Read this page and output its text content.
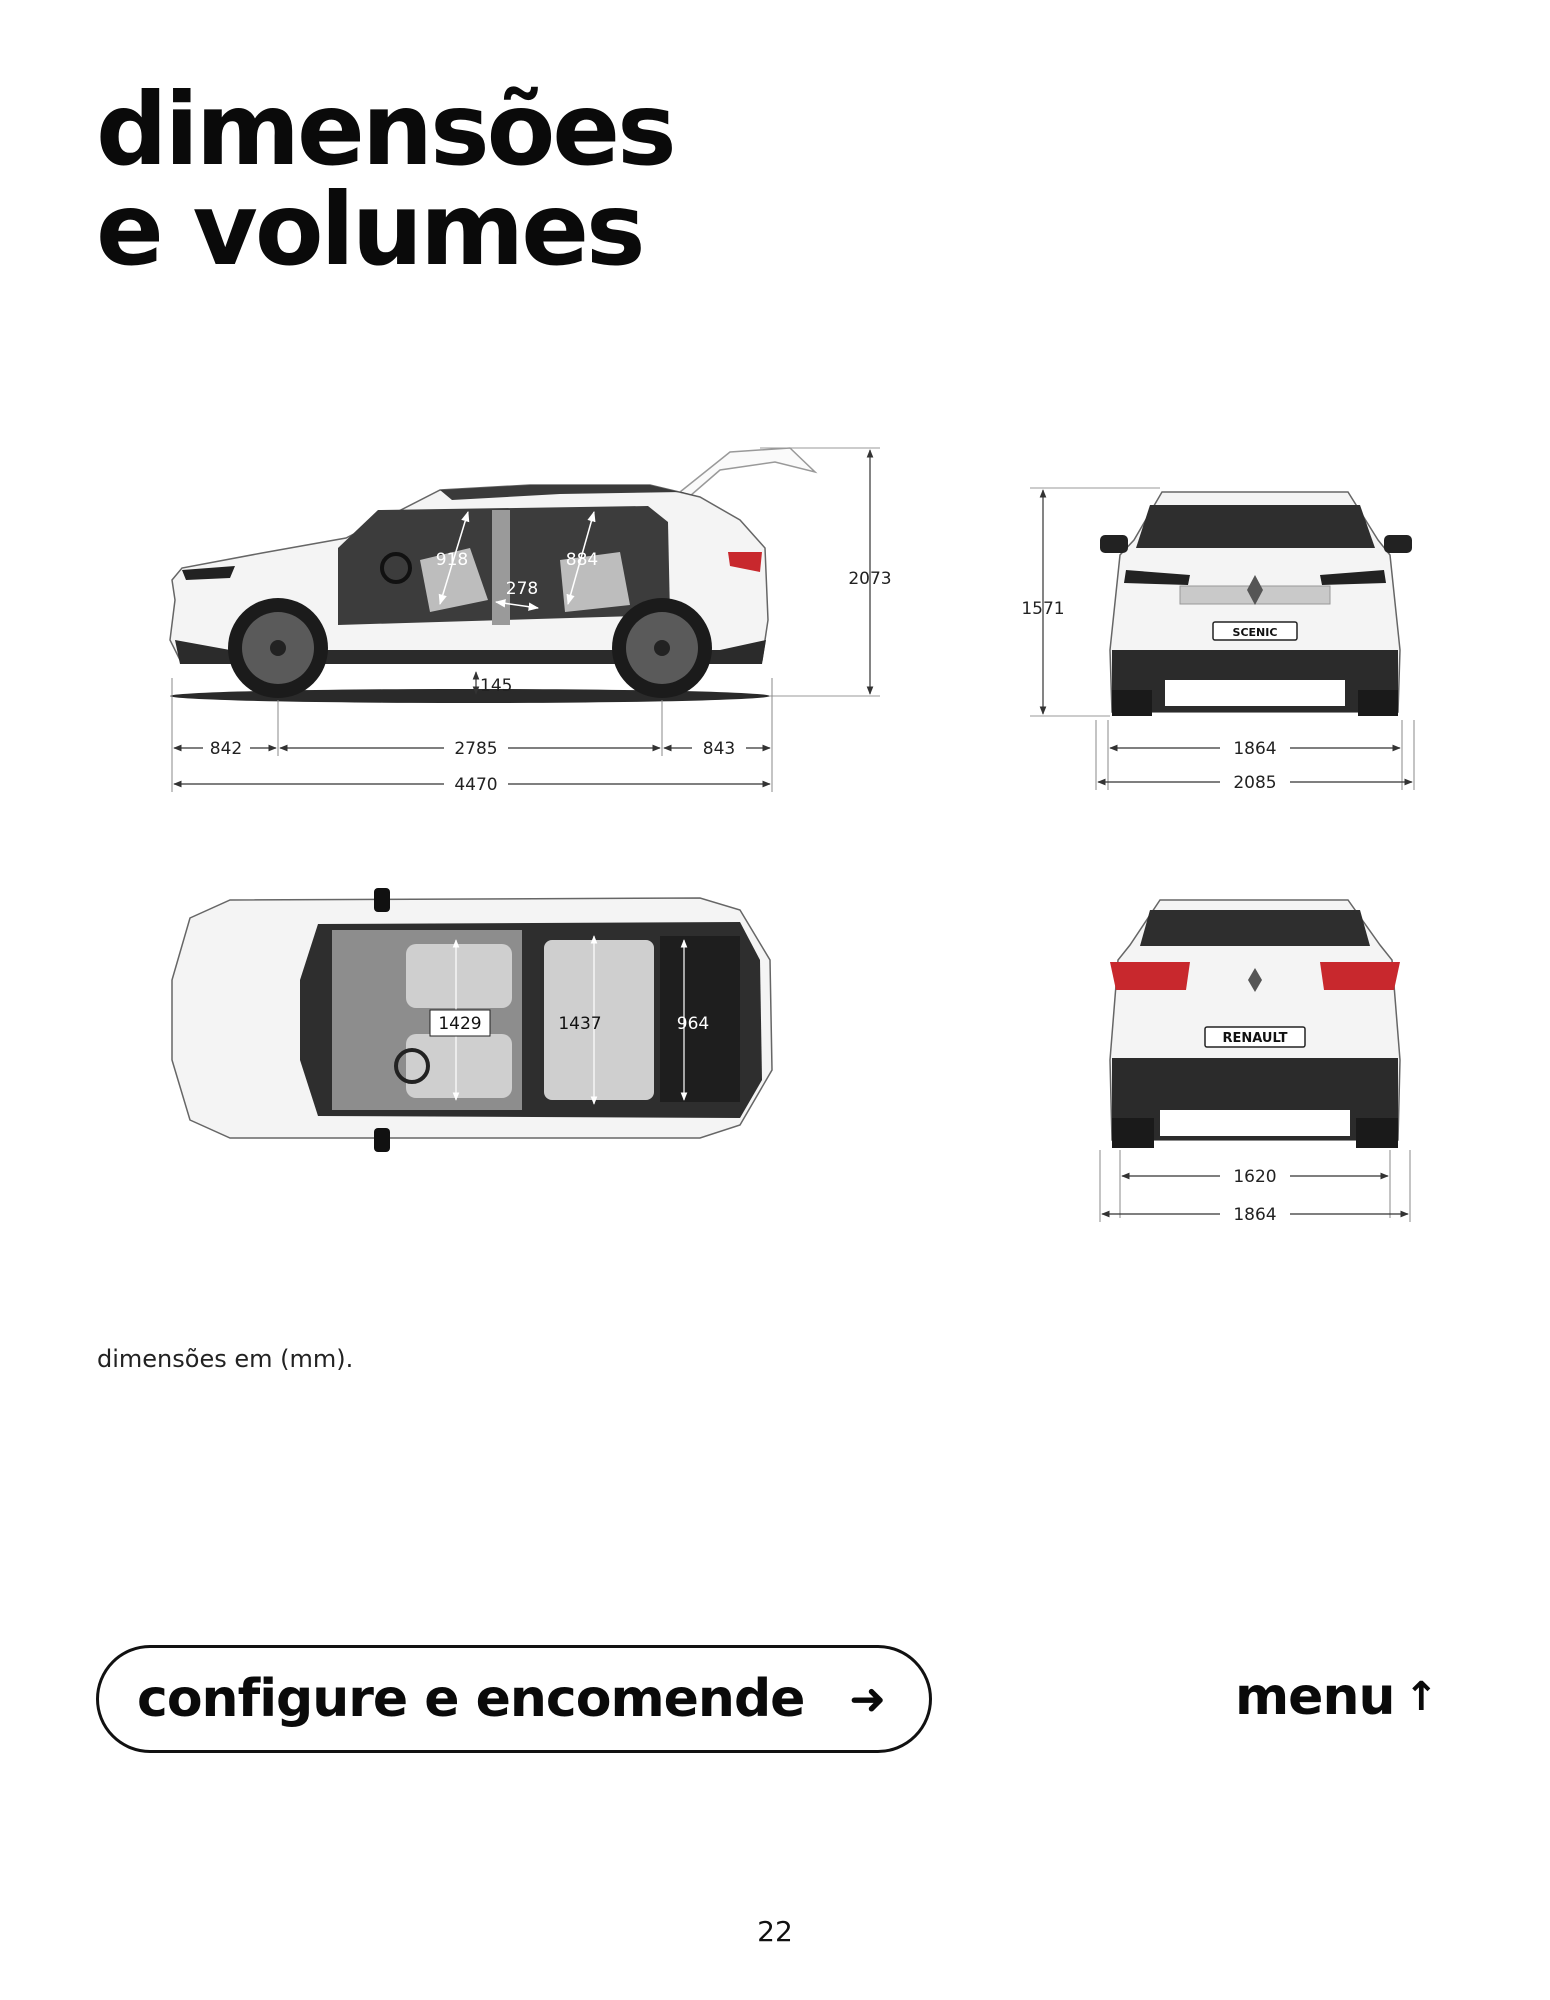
dimensões
e volumes
918	884
278
145
2073
842	2785	843
4470
SCENIC
1571
1864
2085
1429	1437	964
RENAULT
1620
1864

dimensões em (mm).

configure e encomende ➜	menu ↑
22
